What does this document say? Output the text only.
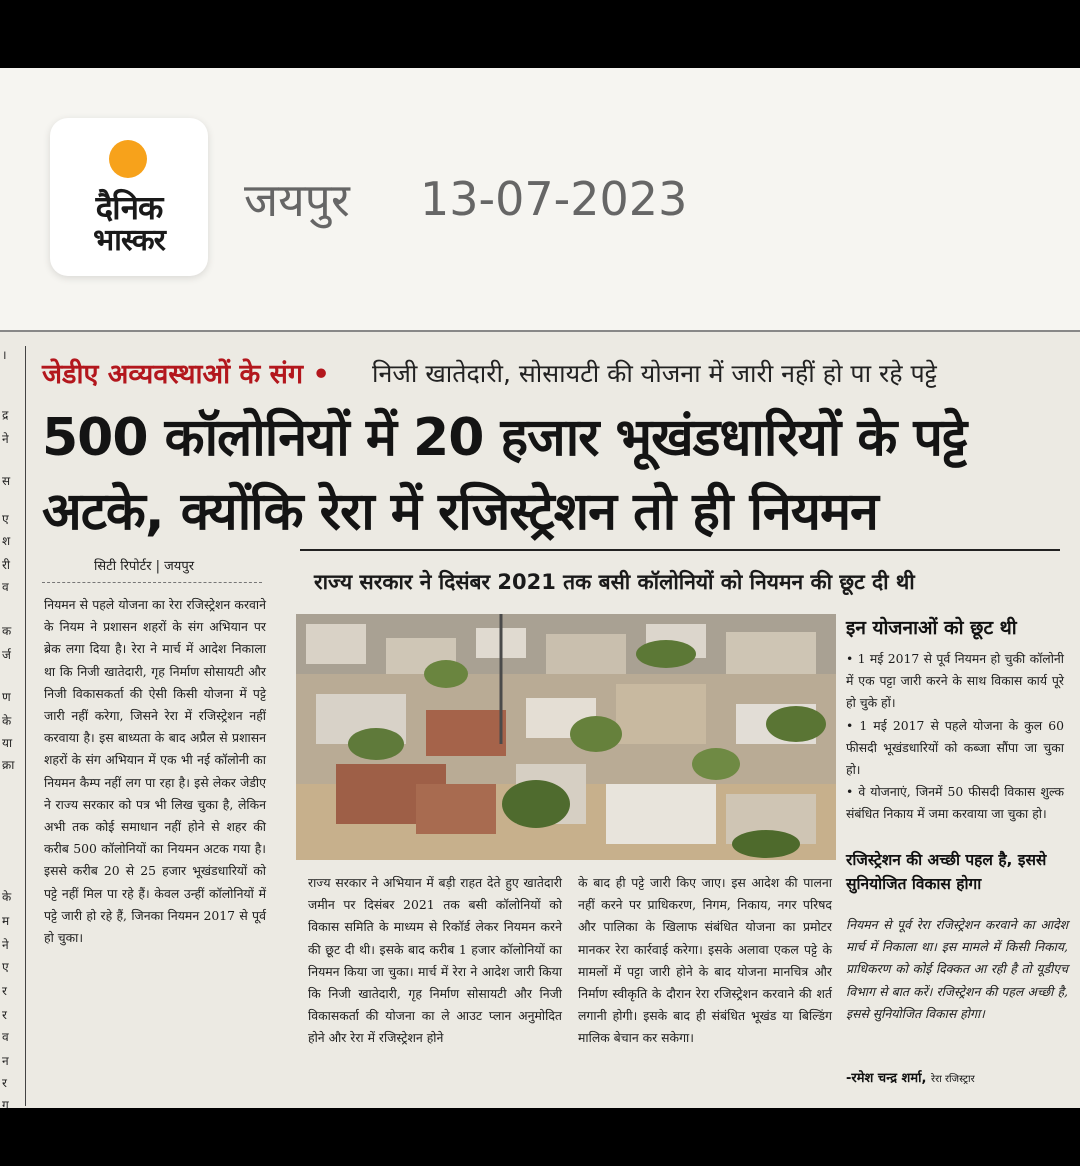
दैनिक
भास्कर
जयपुर 13-07-2023
।
द्र
ने
स
ए
श
री
व
क
र्ज
ण
के
या
क्रा
के
म
ने
ए
र
र
व
न
र
ग
जेडीए अव्यवस्थाओं के संग • निजी खातेदारी, सोसायटी की योजना में जारी नहीं हो पा रहे पट्टे
500 कॉलोनियों में 20 हजार भूखंडधारियों के पट्टे
अटके, क्योंकि रेरा में रजिस्ट्रेशन तो ही नियमन
सिटी रिपोर्टर | जयपुर
राज्य सरकार ने दिसंबर 2021 तक बसी कॉलोनियों को नियमन की छूट दी थी
नियमन से पहले योजना का रेरा रजिस्ट्रेशन करवाने के नियम ने प्रशासन शहरों के संग अभियान पर ब्रेक लगा दिया है। रेरा ने मार्च में आदेश निकाला था कि निजी खातेदारी, गृह निर्माण सोसायटी और निजी विकासकर्ता की ऐसी किसी योजना में पट्टे जारी नहीं करेगा, जिसने रेरा में रजिस्ट्रेशन नहीं करवाया है। इस बाध्यता के बाद अप्रैल से प्रशासन शहरों के संग अभियान में एक भी नई कॉलोनी का नियमन कैम्प नहीं लग पा रहा है। इसे लेकर जेडीए ने राज्य सरकार को पत्र भी लिख चुका है, लेकिन अभी तक कोई समाधान नहीं होने से शहर की करीब 500 कॉलोनियों का नियमन अटक गया है। इससे करीब 20 से 25 हजार भूखंडधारियों को पट्टे नहीं मिल पा रहे हैं। केवल उन्हीं कॉलोनियों में पट्टे जारी हो रहे हैं, जिनका नियमन 2017 से पूर्व हो चुका।
राज्य सरकार ने अभियान में बड़ी राहत देते हुए खातेदारी जमीन पर दिसंबर 2021 तक बसी कॉलोनियों को विकास समिति के माध्यम से रिकॉर्ड लेकर नियमन करने की छूट दी थी। इसके बाद करीब 1 हजार कॉलोनियों का नियमन किया जा चुका। मार्च में रेरा ने आदेश जारी किया कि निजी खातेदारी, गृह निर्माण सोसायटी और निजी विकासकर्ता की योजना का ले आउट प्लान अनुमोदित होने और रेरा में रजिस्ट्रेशन होने
के बाद ही पट्टे जारी किए जाए। इस आदेश की पालना नहीं करने पर प्राधिकरण, निगम, निकाय, नगर परिषद और पालिका के खिलाफ संबंधित योजना का प्रमोटर मानकर रेरा कार्रवाई करेगा। इसके अलावा एकल पट्टे के मामलों में पट्टा जारी होने के बाद योजना मानचित्र और निर्माण स्वीकृति के दौरान रेरा रजिस्ट्रेशन करवाने की शर्त लगानी होगी। इसके बाद ही संबंधित भूखंड या बिल्डिंग मालिक बेचान कर सकेगा।
इन योजनाओं को छूट थी
• 1 मई 2017 से पूर्व नियमन हो चुकी कॉलोनी में एक पट्टा जारी करने के साथ विकास कार्य पूरे हो चुके हों।
• 1 मई 2017 से पहले योजना के कुल 60 फीसदी भूखंडधारियों को कब्जा सौंपा जा चुका हो।
• वे योजनाएं, जिनमें 50 फीसदी विकास शुल्क संबंधित निकाय में जमा करवाया जा चुका हो।
रजिस्ट्रेशन की अच्छी पहल है, इससे सुनियोजित विकास होगा
नियमन से पूर्व रेरा रजिस्ट्रेशन करवाने का आदेश मार्च में निकाला था। इस मामले में किसी निकाय, प्राधिकरण को कोई दिक्कत आ रही है तो यूडीएच विभाग से बात करें। रजिस्ट्रेशन की पहल अच्छी है, इससे सुनियोजित विकास होगा।
-रमेश चन्द्र शर्मा, रेरा रजिस्ट्रार
